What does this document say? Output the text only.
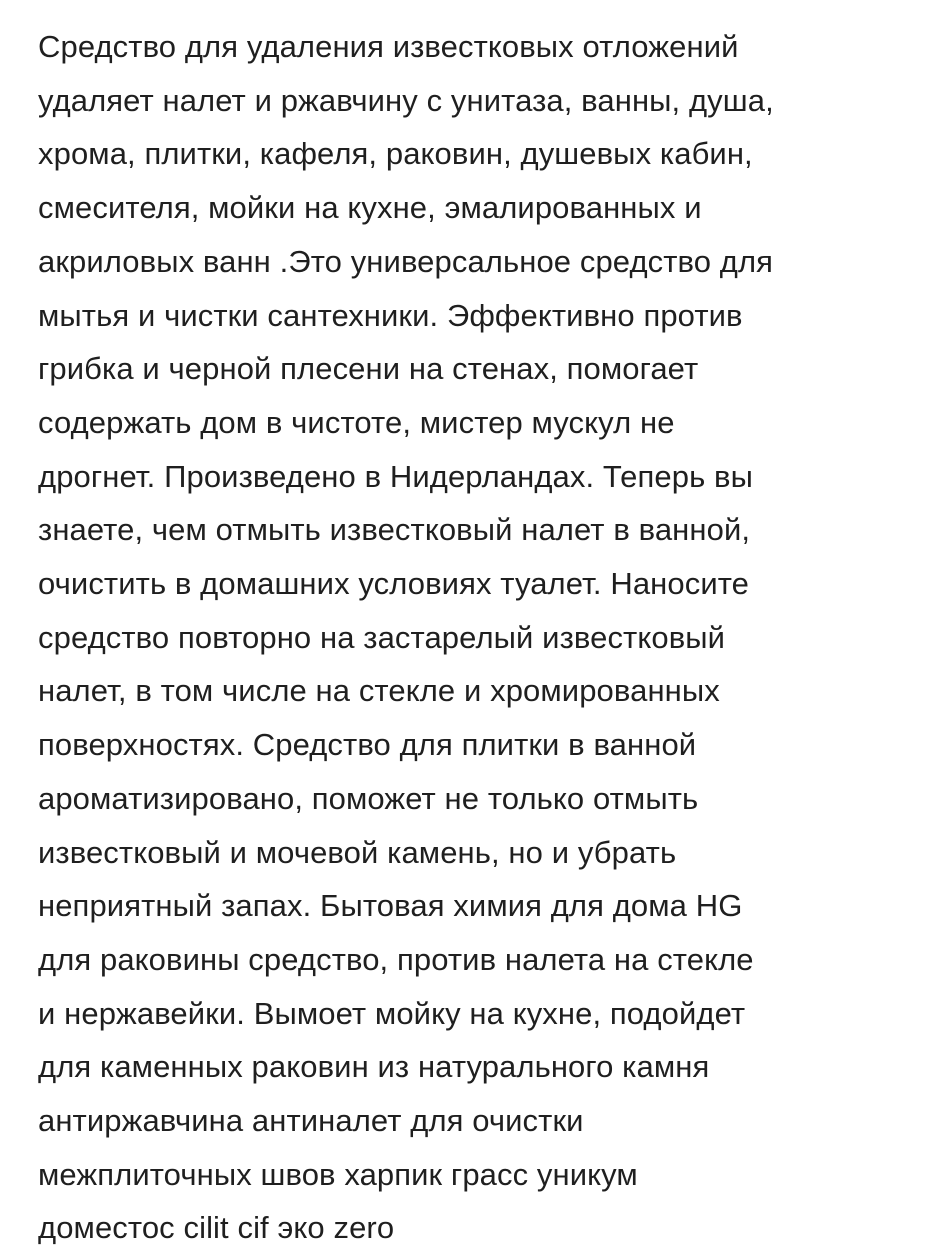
Средство для удаления известковых отложений
удаляет налет и ржавчину с унитаза, ванны, душа,
хрома, плитки, кафеля, раковин, душевых кабин,
смесителя, мойки на кухне, эмалированных и
акриловых ванн .Это универсальное средство для
мытья и чистки сантехники. Эффективно против
грибка и черной плесени на стенах, помогает
содержать дом в чистоте, мистер мускул не
дрогнет. Произведено в Нидерландах. Теперь вы
знаете, чем отмыть известковый налет в ванной,
очистить в домашних условиях туалет. Наносите
средство повторно на застарелый известковый
налет, в том числе на стекле и хромированных
поверхностях. Средство для плитки в ванной
ароматизировано, поможет не только отмыть
известковый и мочевой камень, но и убрать
неприятный запах. Бытовая химия для дома HG
для раковины средство, против налета на стекле
и нержавейки. Вымоет мойку на кухне, подойдет
для каменных раковин из натурального камня
антиржавчина антиналет для очистки
межплиточных швов харпик грасс уникум
доместос cilit cif эко zero
